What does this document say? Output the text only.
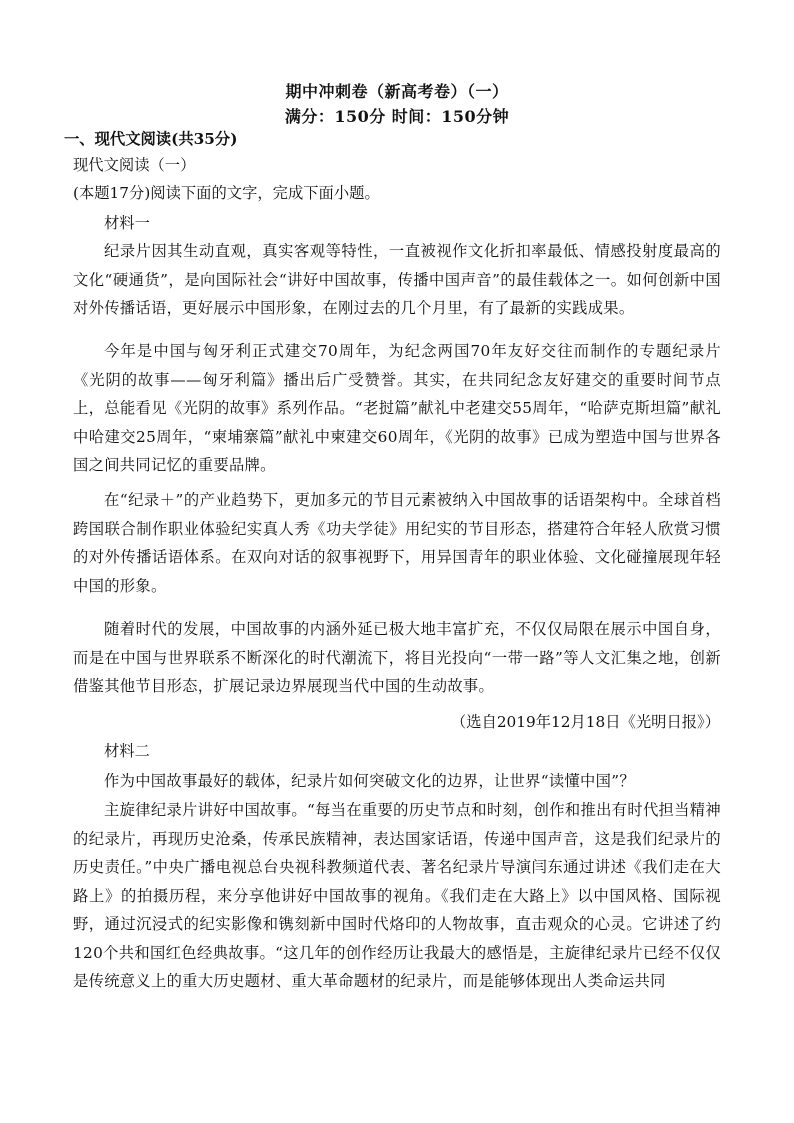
期中冲刺卷（新高考卷）（一）
满分：150分 时间：150分钟
一、现代文阅读(共35分)
现代文阅读（一）
(本题17分)阅读下面的文字，完成下面小题。
材料一
纪录片因其生动直观，真实客观等特性，一直被视作文化折扣率最低、情感投射度最高的文化“硬通货”，是向国际社会“讲好中国故事，传播中国声音”的最佳载体之一。如何创新中国对外传播话语，更好展示中国形象，在刚过去的几个月里，有了最新的实践成果。
今年是中国与匈牙利正式建交70周年，为纪念两国70年友好交往而制作的专题纪录片《光阴的故事——匈牙利篇》播出后广受赞誉。其实，在共同纪念友好建交的重要时间节点上，总能看见《光阴的故事》系列作品。“老挝篇”献礼中老建交55周年，“哈萨克斯坦篇”献礼中哈建交25周年，“柬埔寨篇”献礼中柬建交60周年，《光阴的故事》已成为塑造中国与世界各国之间共同记忆的重要品牌。
在“纪录＋”的产业趋势下，更加多元的节目元素被纳入中国故事的话语架构中。全球首档跨国联合制作职业体验纪实真人秀《功夫学徒》用纪实的节目形态，搭建符合年轻人欣赏习惯的对外传播话语体系。在双向对话的叙事视野下，用异国青年的职业体验、文化碰撞展现年轻中国的形象。
随着时代的发展，中国故事的内涵外延已极大地丰富扩充，不仅仅局限在展示中国自身，而是在中国与世界联系不断深化的时代潮流下，将目光投向“一带一路”等人文汇集之地，创新借鉴其他节目形态，扩展记录边界展现当代中国的生动故事。
（选自2019年12月18日《光明日报》）
材料二
作为中国故事最好的载体，纪录片如何突破文化的边界，让世界“读懂中国”？
主旋律纪录片讲好中国故事。“每当在重要的历史节点和时刻，创作和推出有时代担当精神的纪录片，再现历史沧桑，传承民族精神，表达国家话语，传递中国声音，这是我们纪录片的历史责任。”中央广播电视总台央视科教频道代表、著名纪录片导演闫东通过讲述《我们走在大路上》的拍摄历程，来分享他讲好中国故事的视角。《我们走在大路上》以中国风格、国际视野，通过沉浸式的纪实影像和镌刻新中国时代烙印的人物故事，直击观众的心灵。它讲述了约120个共和国红色经典故事。“这几年的创作经历让我最大的感悟是，主旋律纪录片已经不仅仅是传统意义上的重大历史题材、重大革命题材的纪录片，而是能够体现出人类命运共同
